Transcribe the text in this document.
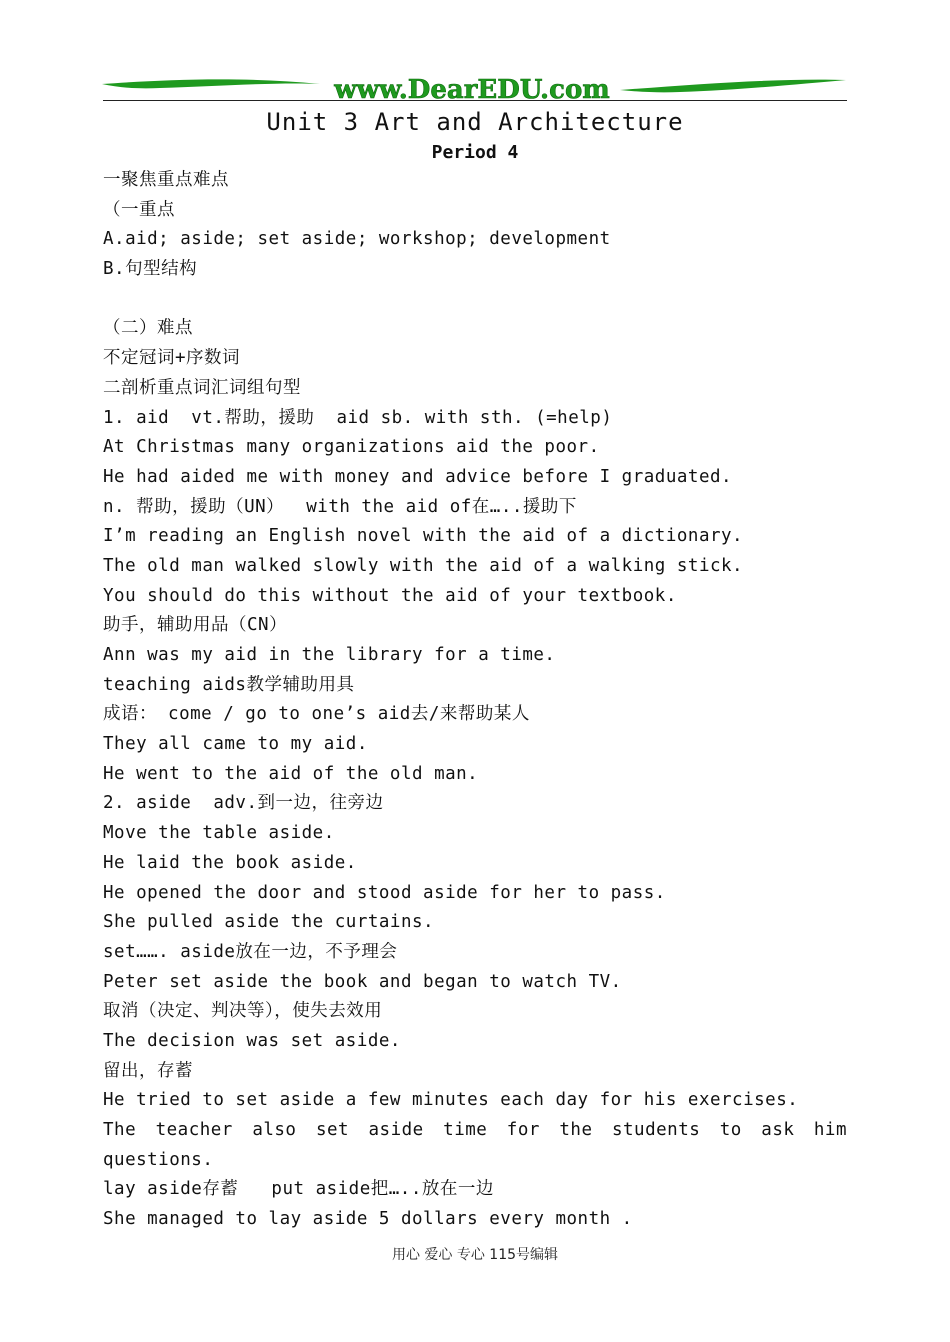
www.DearEDU.com
Unit 3 Art and Architecture
Period 4
一聚焦重点难点
（一重点
A.aid; aside; set aside; workshop; development
B.句型结构
（二）难点
不定冠词+序数词
二剖析重点词汇词组句型
1. aid  vt.帮助，援助  aid sb. with sth. (=help)
At Christmas many organizations aid the poor.
He had aided me with money and advice before I graduated.
n. 帮助，援助（UN）  with the aid of在…..援助下
I’m reading an English novel with the aid of a dictionary.
The old man walked slowly with the aid of a walking stick.
You should do this without the aid of your textbook.
助手，辅助用品（CN）
Ann was my aid in the library for a time.
teaching aids教学辅助用具
成语： come / go to one’s aid去/来帮助某人
They all came to my aid.
He went to the aid of the old man.
2. aside  adv.到一边，往旁边
Move the table aside.
He laid the book aside.
He opened the door and stood aside for her to pass.
She pulled aside the curtains.
set……. aside放在一边，不予理会
Peter set aside the book and began to watch TV.
取消（决定、判决等），使失去效用
The decision was set aside.
留出，存蓄
He tried to set aside a few minutes each day for his exercises.
The teacher also set aside time for the students to ask him
questions.
lay aside存蓄   put aside把…..放在一边
She managed to lay aside 5 dollars every month .
用心 爱心 专心 115号编辑
